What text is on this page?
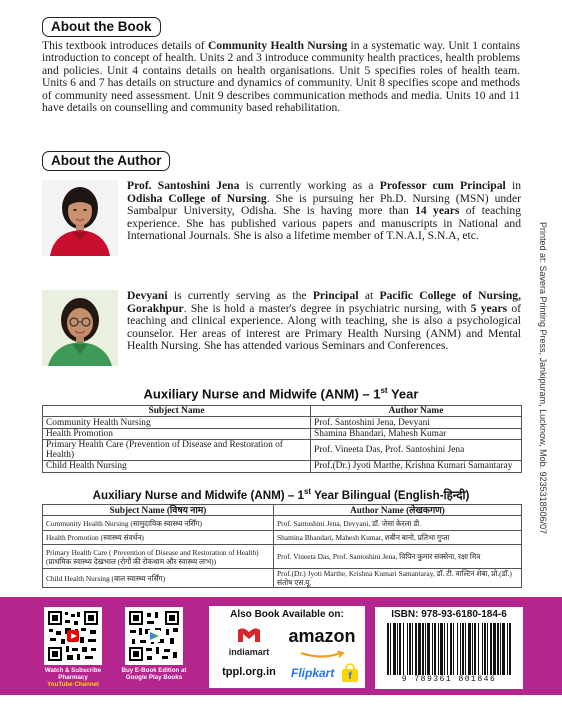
About the Book
This textbook introduces details of Community Health Nursing in a systematic way. Unit 1 contains introduction to concept of health. Units 2 and 3 introduce community health practices, health problems and policies. Unit 4 contains details on health organisations. Unit 5 specifies roles of health team. Units 6 and 7 has details on structure and dynamics of community. Unit 8 specifies scope and methods of community need assessment. Unit 9 describes communication methods and media. Units 10 and 11 have details on counselling and community based rehabilitation.
About the Author
Prof. Santoshini Jena is currently working as a Professor cum Principal in Odisha College of Nursing. She is pursuing her Ph.D. Nursing (MSN) under Sambalpur University, Odisha. She is having more than 14 years of teaching experience. She has published various papers and manuscripts in National and International Journals. She is also a lifetime member of T.N.A.I, S.N.A, etc.
Devyani is currently serving as the Principal at Pacific College of Nursing, Gorakhpur. She is hold a master's degree in psychiatric nursing, with 5 years of teaching and clinical experience. Along with teaching, she is also a psychological counselor. Her areas of interest are Primary Health Nursing (ANM) and Mental Health Nursing. She has attended various Seminars and Conferences.	Printed at: Savera Printing Press, Jankipuram, Lucknow, Mob. 9235318506/07
Auxiliary Nurse and Midwife (ANM) – 1st Year
Subject Name	Author Name
Community Health Nursing	Prof. Santoshini Jena, Devyani
Health Promotion	Shamina Bhandari, Mahesh Kumar
Primary Health Care (Prevention of Disease and Restoration of Health)	Prof. Vineeta Das, Prof. Santoshini Jena
Child Health Nursing	Prof.(Dr.) Jyoti Marthe, Krishna Kumari Samantaray
Auxiliary Nurse and Midwife (ANM) – 1st Year Bilingual (English-हिन्दी)
Subject Name (विषय नाम)	Author Name (लेखकगण)
Community Health Nursing (सामुदायिक स्वास्थ्य नर्सिंग)	Prof. Santoshini Jena, Devyani, डॉ. जेसा केरला डी.
Health Promotion (स्वास्थ्य संवर्धन)	Shamina Bhandari, Mahesh Kumar, शबीन बानो, प्रतिभा गुप्ता
Primary Health Care ( Prevention of Disease and Restoration of Health) (प्राथमिक स्वास्थ्य देखभाल (रोगों की रोकथाम और स्वास्थ्य लाभ))	Prof. Vineeta Das, Prof. Santoshini Jena, विपिन कुमार सक्सेना, रक्षा मित्र
Child Health Nursing (बाल स्वास्थ्य नर्सिंग)	Prof.(Dr.) Jyoti Marthe, Krishna Kumari Samantaray, डॉ. टी. वाल्टिन शेबा, प्रो.(डॉ.) संतोष एस.यू.
Watch & Subscribe
Pharmacy
YouTube Channel
Buy E-Book Edition at
Google Play Books
Also Book Available on:
indiamart
amazon
tppl.org.in	Flipkart f
ISBN: 978-93-6180-184-6
9 789361 801846
